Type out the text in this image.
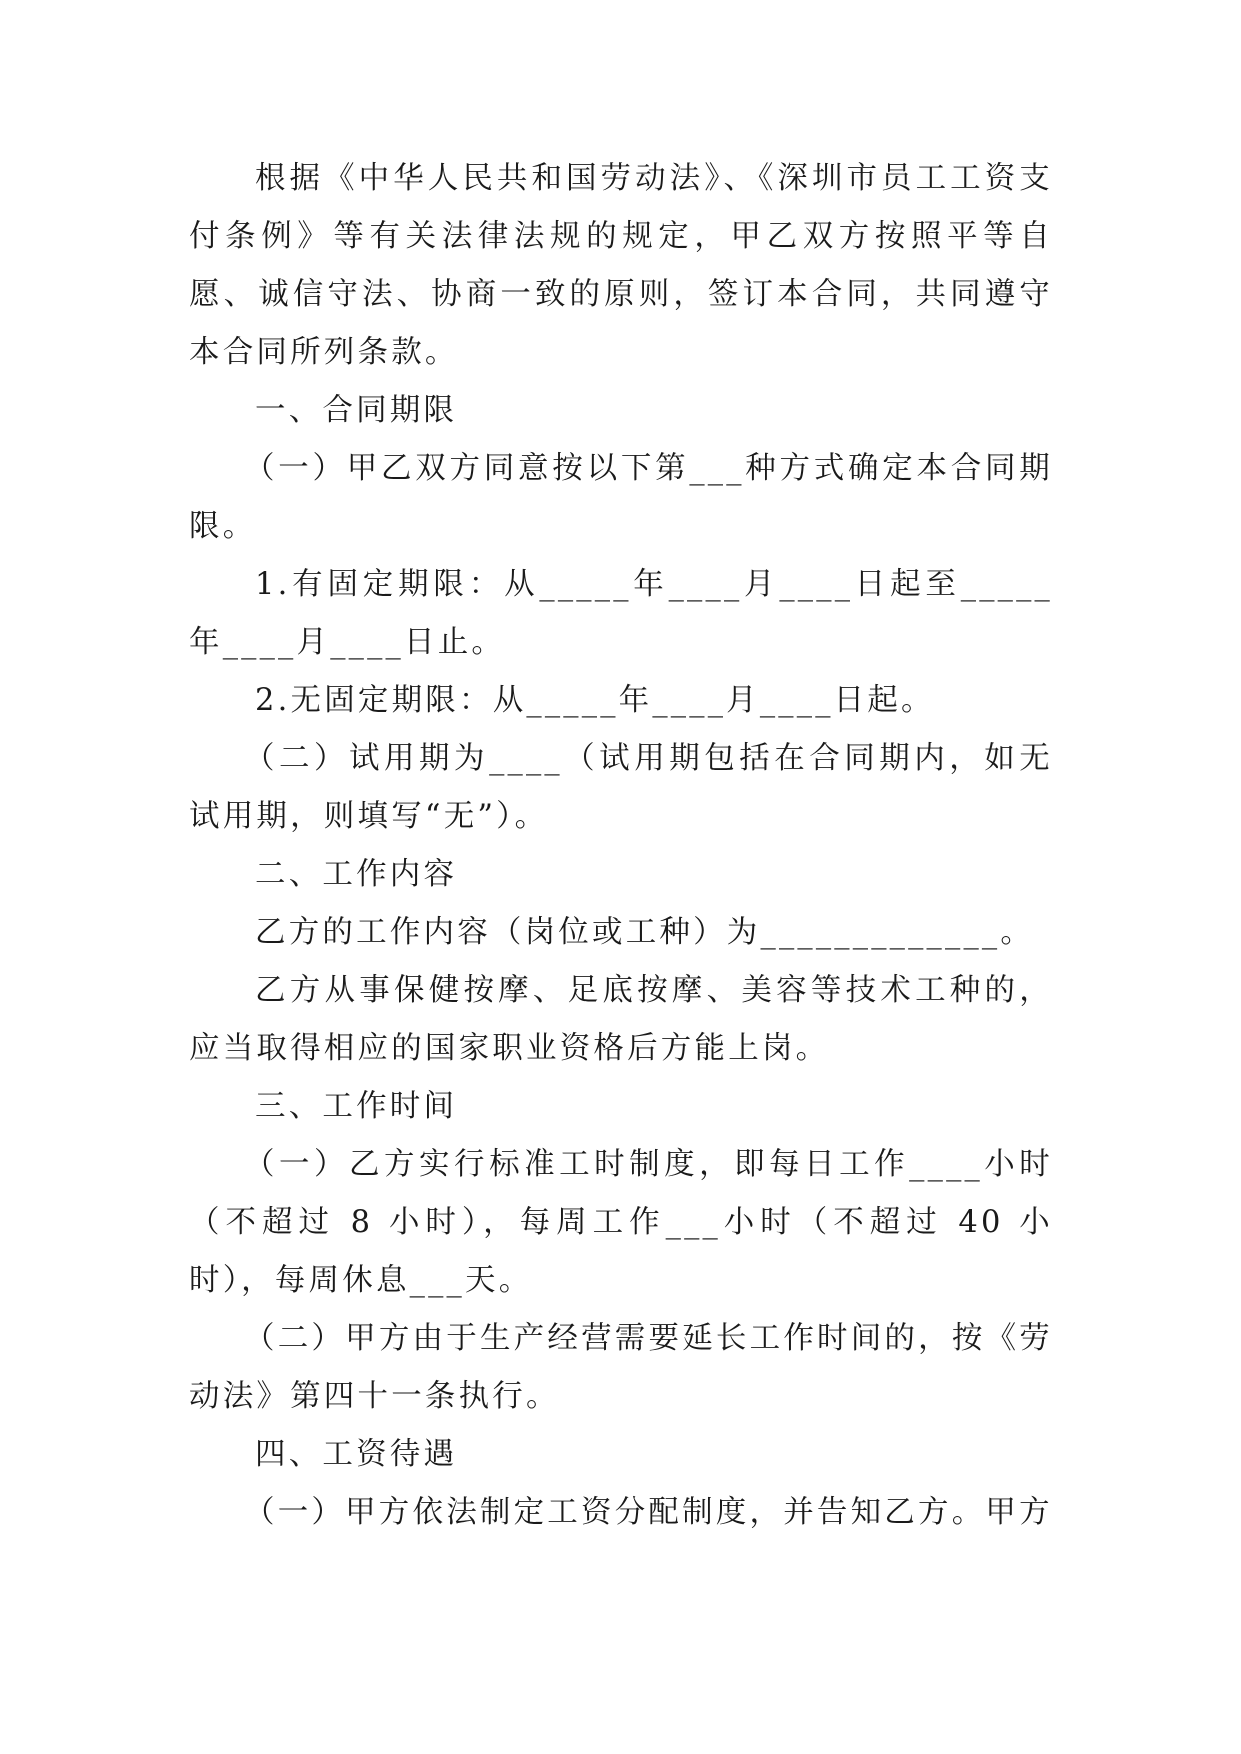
根据《中华人民共和国劳动法》、《深圳市员工工资支付条例》等有关法律法规的规定，甲乙双方按照平等自愿、诚信守法、协商一致的原则，签订本合同，共同遵守本合同所列条款。

一、合同期限

（一）甲乙双方同意按以下第___种方式确定本合同期限。

1.有固定期限：从_____年____月____日起至_____年____月____日止。

2.无固定期限：从_____年____月____日起。

（二）试用期为____（试用期包括在合同期内，如无试用期，则填写“无”）。

二、工作内容

乙方的工作内容（岗位或工种）为_____________。

乙方从事保健按摩、足底按摩、美容等技术工种的，应当取得相应的国家职业资格后方能上岗。

三、工作时间

（一）乙方实行标准工时制度，即每日工作____小时（不超过 8 小时），每周工作___小时（不超过 40 小时），每周休息___天。

（二）甲方由于生产经营需要延长工作时间的，按《劳动法》第四十一条执行。

四、工资待遇

（一）甲方依法制定工资分配制度，并告知乙方。甲方
